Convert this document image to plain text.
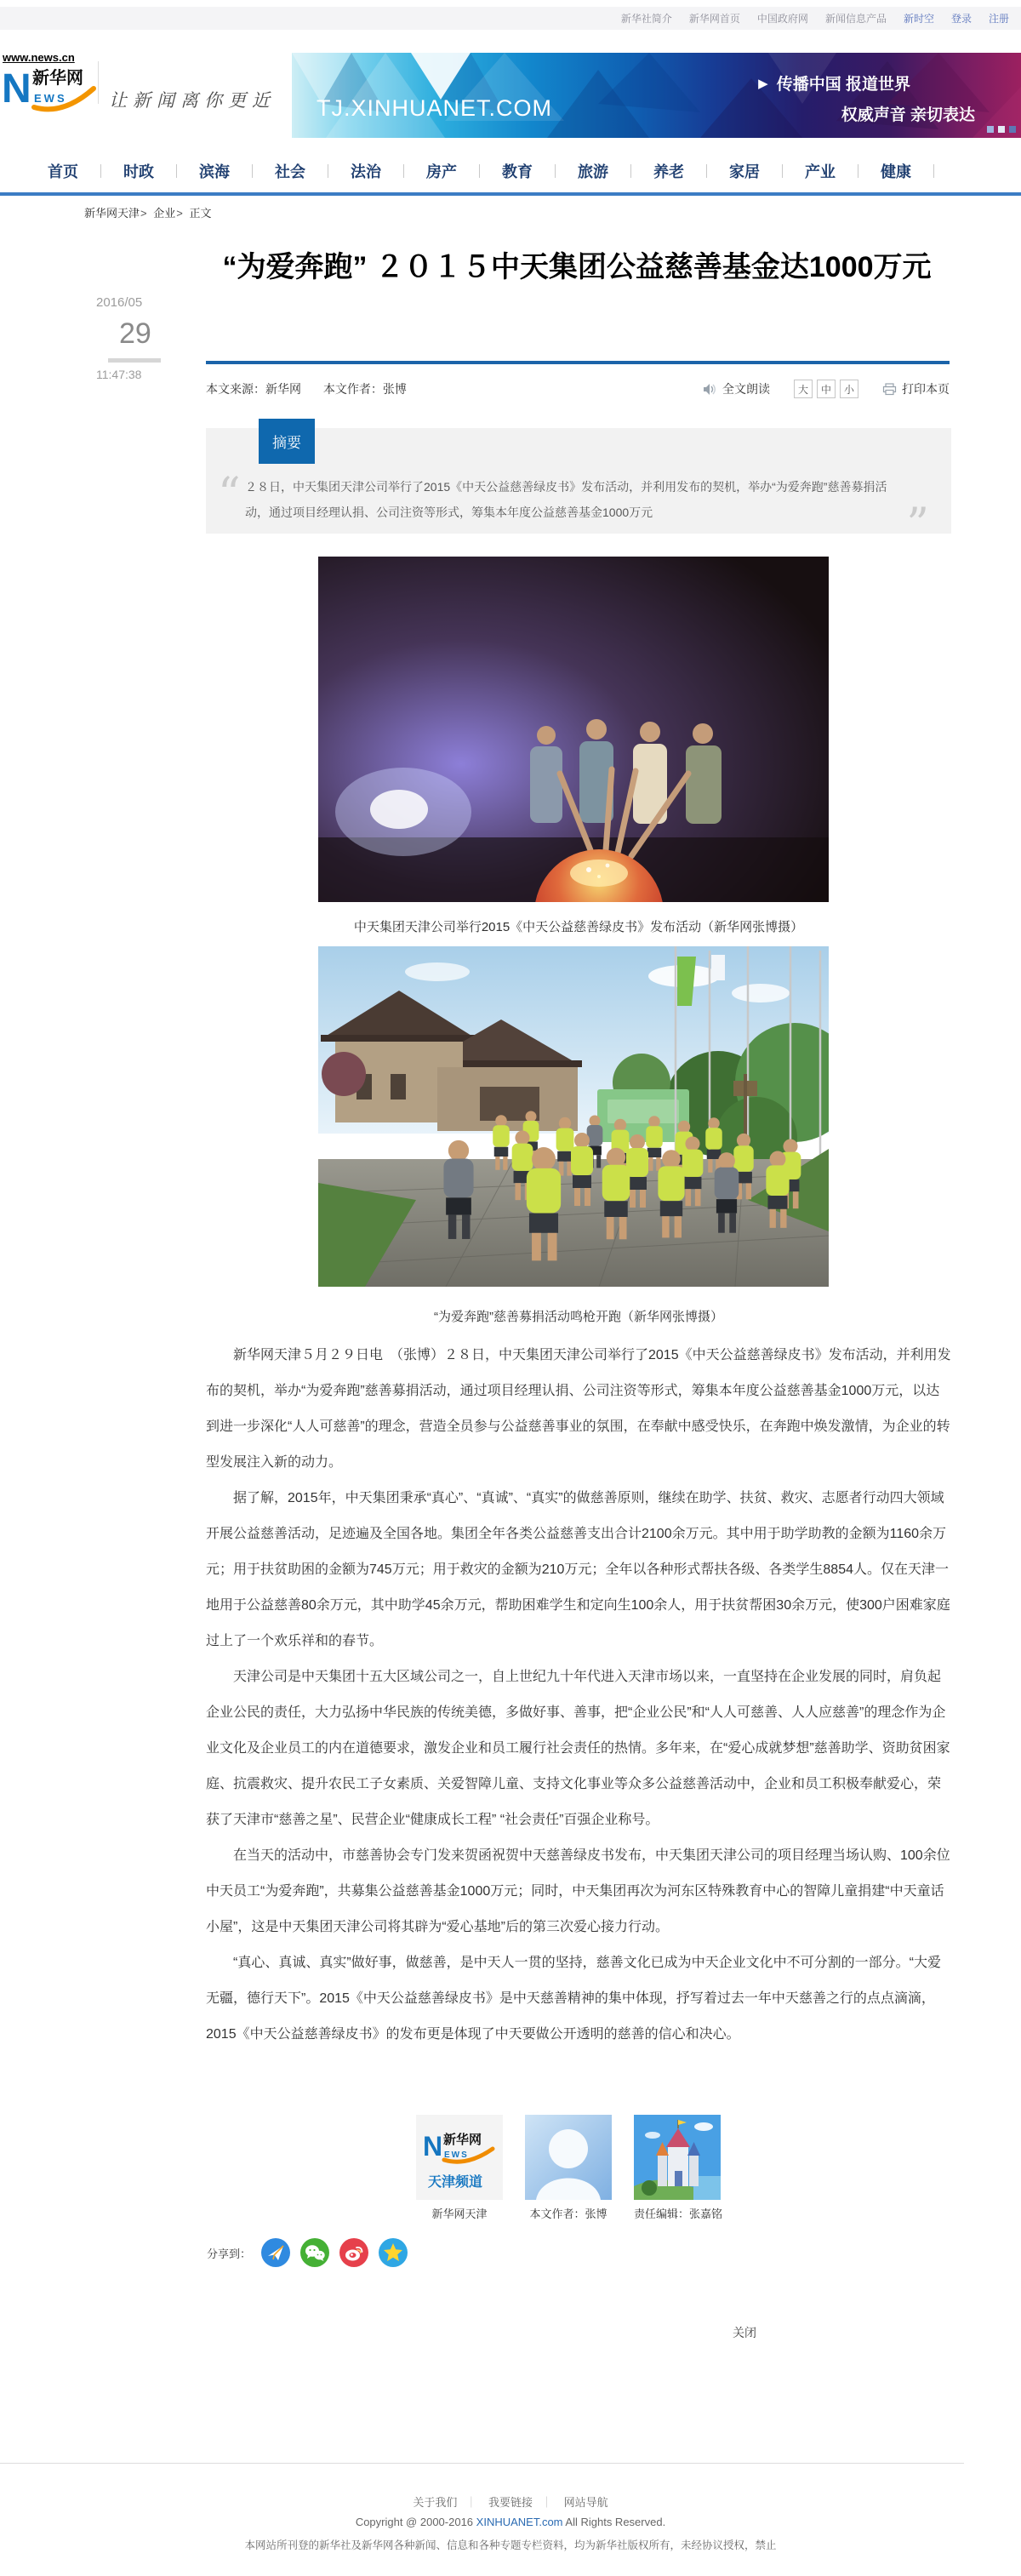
新华社简介 新华网首页 中国政府网 新闻信息产品 新时空 登录 注册
www.news.cn
N 新华网
EWS 让新闻离你更近 TJ.XINHUANET.COM
▶ 传播中国 报道世界
权威声音 亲切表达
首页	时政	滨海	社会	法治	房产	教育	旅游	养老	家居	产业	健康
新华网天津> 企业> 正文
2016/05
29
11:47:38
“为爱奔跑” ２０１５中天集团公益慈善基金达1000万元
本文来源：新华网 本文作者：张博	全文朗读	大	中	小	打印本页
摘要
“ ２８日，中天集团天津公司举行了2015《中天公益慈善绿皮书》发布活动，并利用发布的契机，举办“为爱奔跑”慈善募捐活动，通过项目经理认捐、公司注资等形式，筹集本年度公益慈善基金1000万元	”
中天集团天津公司举行2015《中天公益慈善绿皮书》发布活动（新华网张博摄）
“为爱奔跑”慈善募捐活动鸣枪开跑（新华网张博摄）

新华网天津５月２９日电　（张博）２８日，中天集团天津公司举行了2015《中天公益慈善绿皮书》发布活动，并利用发布的契机，举办“为爱奔跑”慈善募捐活动，通过项目经理认捐、公司注资等形式，筹集本年度公益慈善基金1000万元，以达到进一步深化“人人可慈善”的理念，营造全员参与公益慈善事业的氛围，在奉献中感受快乐，在奔跑中焕发激情，为企业的转型发展注入新的动力。

据了解，2015年，中天集团秉承“真心”、“真诚”、“真实”的做慈善原则，继续在助学、扶贫、救灾、志愿者行动四大领域开展公益慈善活动，足迹遍及全国各地。集团全年各类公益慈善支出合计2100余万元。其中用于助学助教的金额为1160余万元；用于扶贫助困的金额为745万元；用于救灾的金额为210万元；全年以各种形式帮扶各级、各类学生8854人。仅在天津一地用于公益慈善80余万元，其中助学45余万元，帮助困难学生和定向生100余人，用于扶贫帮困30余万元，使300户困难家庭过上了一个欢乐祥和的春节。

天津公司是中天集团十五大区域公司之一，自上世纪九十年代进入天津市场以来，一直坚持在企业发展的同时，肩负起企业公民的责任，大力弘扬中华民族的传统美德，多做好事、善事，把“企业公民”和“人人可慈善、人人应慈善”的理念作为企业文化及企业员工的内在道德要求，激发企业和员工履行社会责任的热情。多年来，在“爱心成就梦想”慈善助学、资助贫困家庭、抗震救灾、提升农民工子女素质、关爱智障儿童、支持文化事业等众多公益慈善活动中，企业和员工积极奉献爱心，荣获了天津市“慈善之星”、民营企业“健康成长工程” “社会责任”百强企业称号。

在当天的活动中，市慈善协会专门发来贺函祝贺中天慈善绿皮书发布，中天集团天津公司的项目经理当场认购、100余位中天员工“为爱奔跑”，共募集公益慈善基金1000万元；同时，中天集团再次为河东区特殊教育中心的智障儿童捐建“中天童话小屋”，这是中天集团天津公司将其辟为“爱心基地”后的第三次爱心接力行动。

“真心、真诚、真实”做好事，做慈善，是中天人一贯的坚持，慈善文化已成为中天企业文化中不可分割的一部分。“大爱无疆，德行天下”。2015《中天公益慈善绿皮书》是中天慈善精神的集中体现，抒写着过去一年中天慈善之行的点点滴滴，2015《中天公益慈善绿皮书》的发布更是体现了中天要做公开透明的慈善的信心和决心。

N 新华网
EWS
天津频道
新华网天津	本文作者：张博	责任编辑：张嘉铭
分享到：
关闭
关于我们 ｜ 我要链接 ｜ 网站导航
Copyright @ 2000-2016 XINHUANET.com All Rights Reserved.
本网站所刊登的新华社及新华网各种新闻、信息和各种专题专栏资料，均为新华社版权所有，未经协议授权，禁止
